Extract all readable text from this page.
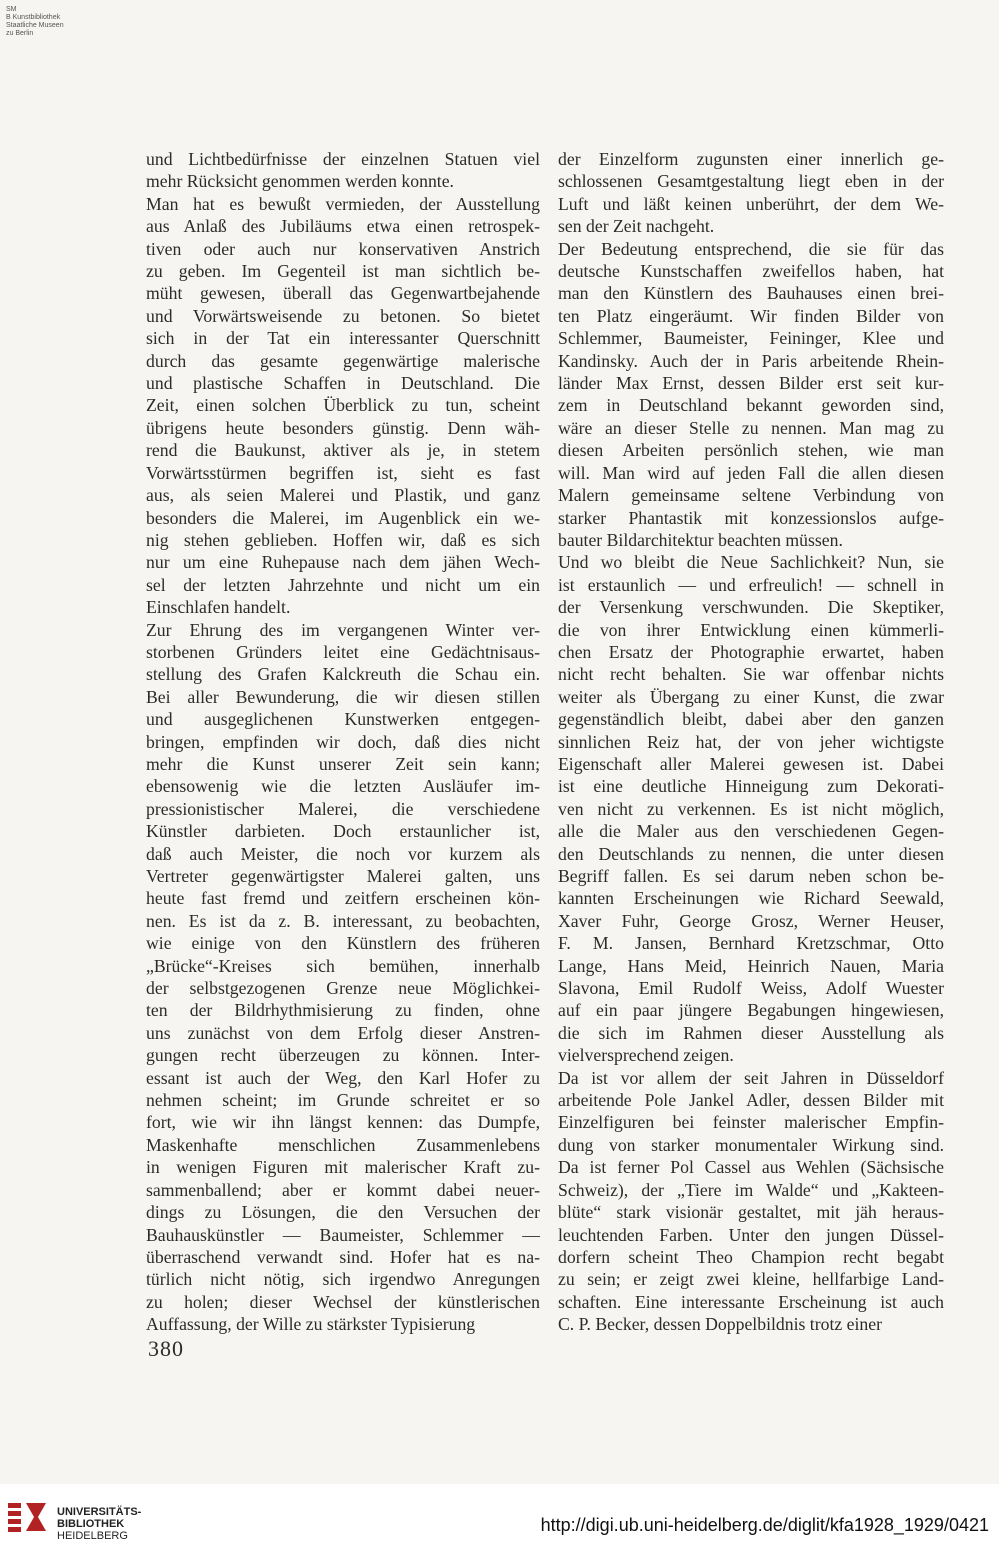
SM
B Kunstbibliothek
Staatliche Museen
zu Berlin
und Lichtbedürfnisse der einzelnen Statuen viel
mehr Rücksicht genommen werden konnte.
Man hat es bewußt vermieden, der Ausstellung
aus Anlaß des Jubiläums etwa einen retrospek-
tiven oder auch nur konservativen Anstrich
zu geben. Im Gegenteil ist man sichtlich be-
müht gewesen, überall das Gegenwartbejahende
und Vorwärtsweisende zu betonen. So bietet
sich in der Tat ein interessanter Querschnitt
durch das gesamte gegenwärtige malerische
und plastische Schaffen in Deutschland. Die
Zeit, einen solchen Überblick zu tun, scheint
übrigens heute besonders günstig. Denn wäh-
rend die Baukunst, aktiver als je, in stetem
Vorwärtsstürmen begriffen ist, sieht es fast
aus, als seien Malerei und Plastik, und ganz
besonders die Malerei, im Augenblick ein we-
nig stehen geblieben. Hoffen wir, daß es sich
nur um eine Ruhepause nach dem jähen Wech-
sel der letzten Jahrzehnte und nicht um ein
Einschlafen handelt.
Zur Ehrung des im vergangenen Winter ver-
storbenen Gründers leitet eine Gedächtnisaus-
stellung des Grafen Kalckreuth die Schau ein.
Bei aller Bewunderung, die wir diesen stillen
und ausgeglichenen Kunstwerken entgegen-
bringen, empfinden wir doch, daß dies nicht
mehr die Kunst unserer Zeit sein kann;
ebensowenig wie die letzten Ausläufer im-
pressionistischer Malerei, die verschiedene
Künstler darbieten. Doch erstaunlicher ist,
daß auch Meister, die noch vor kurzem als
Vertreter gegenwärtigster Malerei galten, uns
heute fast fremd und zeitfern erscheinen kön-
nen. Es ist da z. B. interessant, zu beobachten,
wie einige von den Künstlern des früheren
„Brücke“-Kreises sich bemühen, innerhalb
der selbstgezogenen Grenze neue Möglichkei-
ten der Bildrhythmisierung zu finden, ohne
uns zunächst von dem Erfolg dieser Anstren-
gungen recht überzeugen zu können. Inter-
essant ist auch der Weg, den Karl Hofer zu
nehmen scheint; im Grunde schreitet er so
fort, wie wir ihn längst kennen: das Dumpfe,
Maskenhafte menschlichen Zusammenlebens
in wenigen Figuren mit malerischer Kraft zu-
sammenballend; aber er kommt dabei neuer-
dings zu Lösungen, die den Versuchen der
Bauhauskünstler — Baumeister, Schlemmer —
überraschend verwandt sind. Hofer hat es na-
türlich nicht nötig, sich irgendwo Anregungen
zu holen; dieser Wechsel der künstlerischen
Auffassung, der Wille zu stärkster Typisierung
der Einzelform zugunsten einer innerlich ge-
schlossenen Gesamtgestaltung liegt eben in der
Luft und läßt keinen unberührt, der dem We-
sen der Zeit nachgeht.
Der Bedeutung entsprechend, die sie für das
deutsche Kunstschaffen zweifellos haben, hat
man den Künstlern des Bauhauses einen brei-
ten Platz eingeräumt. Wir finden Bilder von
Schlemmer, Baumeister, Feininger, Klee und
Kandinsky. Auch der in Paris arbeitende Rhein-
länder Max Ernst, dessen Bilder erst seit kur-
zem in Deutschland bekannt geworden sind,
wäre an dieser Stelle zu nennen. Man mag zu
diesen Arbeiten persönlich stehen, wie man
will. Man wird auf jeden Fall die allen diesen
Malern gemeinsame seltene Verbindung von
starker Phantastik mit konzessionslos aufge-
bauter Bildarchitektur beachten müssen.
Und wo bleibt die Neue Sachlichkeit? Nun, sie
ist erstaunlich — und erfreulich! — schnell in
der Versenkung verschwunden. Die Skeptiker,
die von ihrer Entwicklung einen kümmerli-
chen Ersatz der Photographie erwartet, haben
nicht recht behalten. Sie war offenbar nichts
weiter als Übergang zu einer Kunst, die zwar
gegenständlich bleibt, dabei aber den ganzen
sinnlichen Reiz hat, der von jeher wichtigste
Eigenschaft aller Malerei gewesen ist. Dabei
ist eine deutliche Hinneigung zum Dekorati-
ven nicht zu verkennen. Es ist nicht möglich,
alle die Maler aus den verschiedenen Gegen-
den Deutschlands zu nennen, die unter diesen
Begriff fallen. Es sei darum neben schon be-
kannten Erscheinungen wie Richard Seewald,
Xaver Fuhr, George Grosz, Werner Heuser,
F. M. Jansen, Bernhard Kretzschmar, Otto
Lange, Hans Meid, Heinrich Nauen, Maria
Slavona, Emil Rudolf Weiss, Adolf Wuester
auf ein paar jüngere Begabungen hingewiesen,
die sich im Rahmen dieser Ausstellung als
vielversprechend zeigen.
Da ist vor allem der seit Jahren in Düsseldorf
arbeitende Pole Jankel Adler, dessen Bilder mit
Einzelfiguren bei feinster malerischer Empfin-
dung von starker monumentaler Wirkung sind.
Da ist ferner Pol Cassel aus Wehlen (Sächsische
Schweiz), der „Tiere im Walde“ und „Kakteen-
blüte“ stark visionär gestaltet, mit jäh heraus-
leuchtenden Farben. Unter den jungen Düssel-
dorfern scheint Theo Champion recht begabt
zu sein; er zeigt zwei kleine, hellfarbige Land-
schaften. Eine interessante Erscheinung ist auch
C. P. Becker, dessen Doppelbildnis trotz einer
380
UNIVERSITÄTS-
BIBLIOTHEK
HEIDELBERG
http://digi.ub.uni-heidelberg.de/diglit/kfa1928_1929/0421
